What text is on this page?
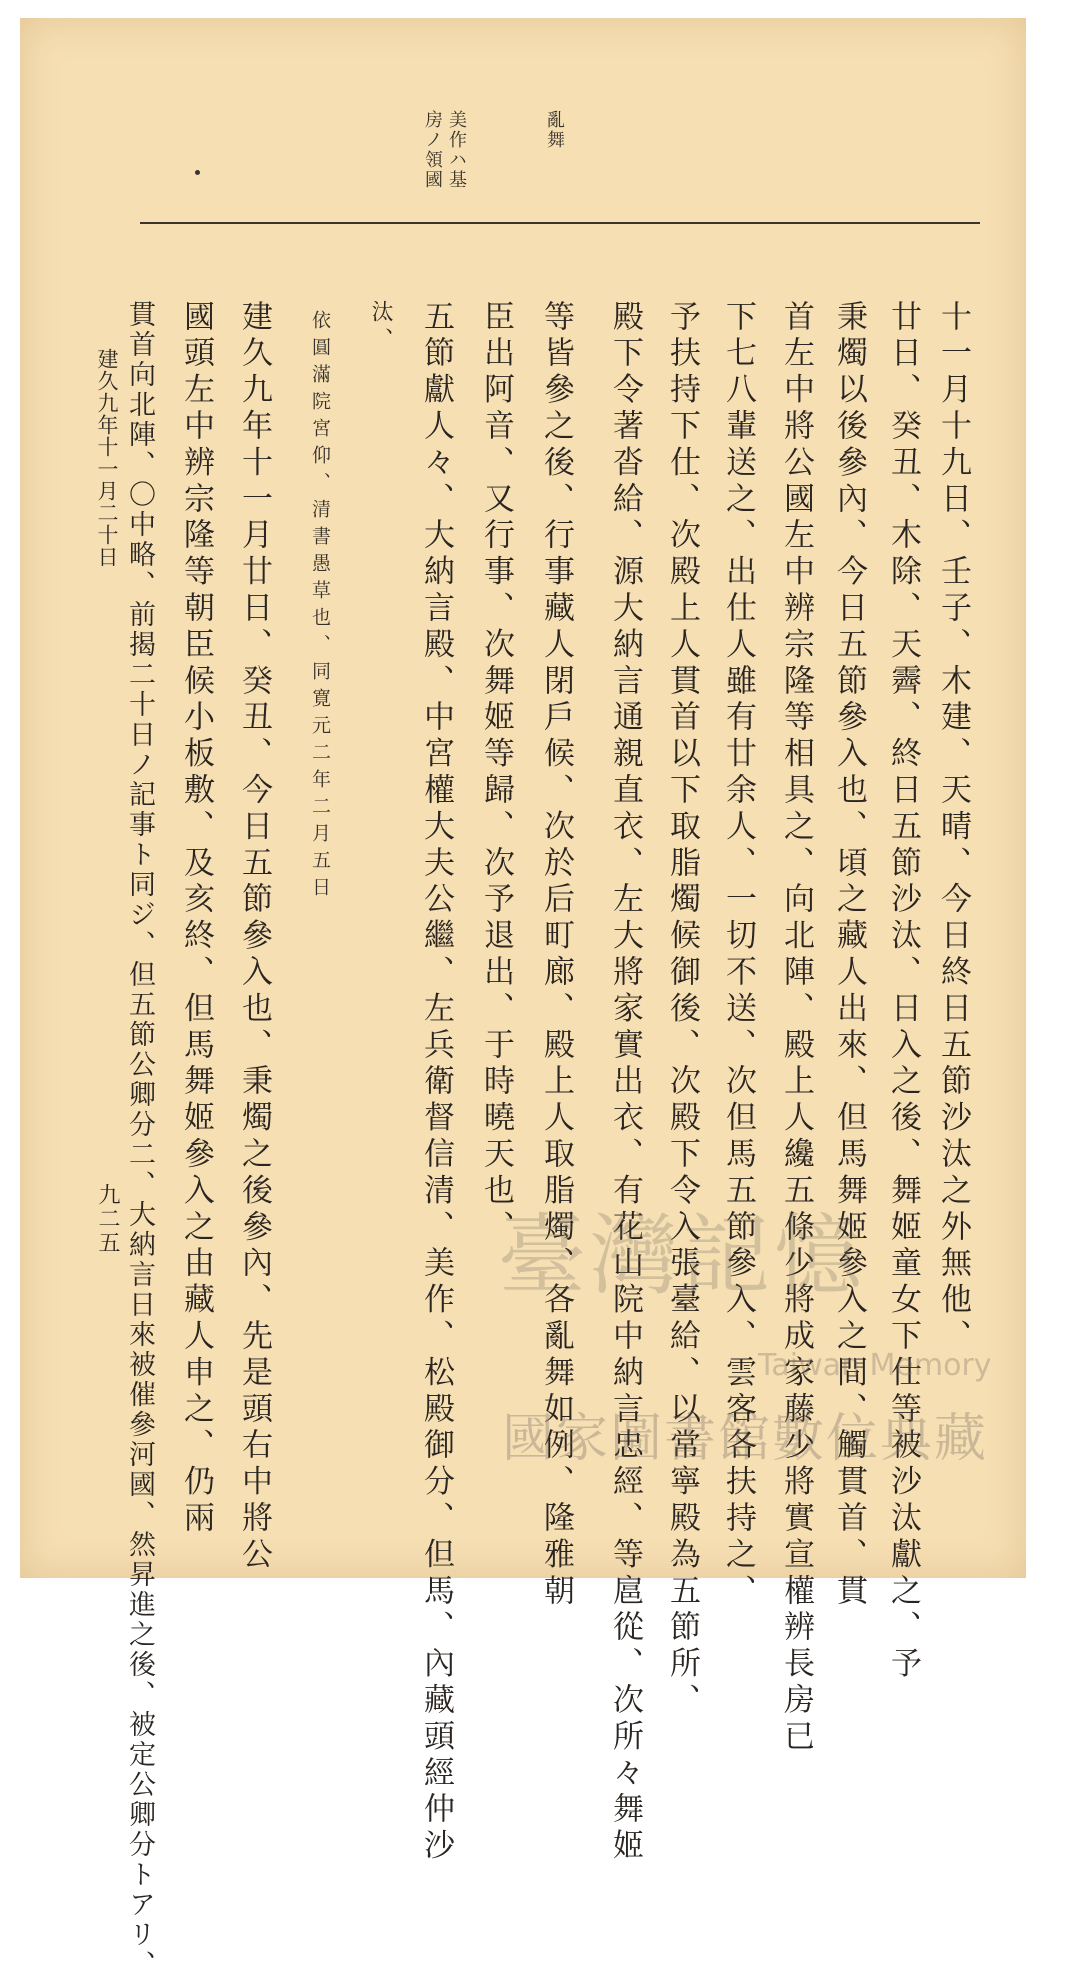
亂舞
美作ハ基
房ノ領國
十一月十九日、壬子、木建、天晴、今日終日五節沙汰之外無他、
廿日、癸丑、木除、天霽、終日五節沙汰、日入之後、舞姬童女下仕等被沙汰獻之、予
秉燭以後參內、今日五節參入也、頃之藏人出來、但馬舞姬參入之間、觸貫首、貫
首左中將公國左中辨宗隆等相具之、向北陣、殿上人纔五條少將成家藤少將實宣權辨長房已
下七八輩送之、出仕人雖有廿余人、一切不送、次但馬五節參入、雲客各扶持之、
予扶持下仕、次殿上人貫首以下取脂燭候御後、次殿下令入張臺給、以常寧殿為五節所、
殿下令著沓給、源大納言通親直衣、左大將家實出衣、有花山院中納言忠經、等扈從、次所々舞姬
等皆參之後、行事藏人閉戶候、次於后町廊、殿上人取脂燭、各亂舞如例、隆雅朝
臣出阿音、又行事、次舞姬等歸、次予退出、于時曉天也、
五節獻人々、大納言殿、中宮權大夫公繼、左兵衛督信清、美作、松殿御分、但馬、內藏頭經仲沙
汰、
依圓滿院宮仰、清書愚草也、同寛元二年二月五日
建久九年十一月廿日、癸丑、今日五節參入也、秉燭之後參內、先是頭右中將公
國頭左中辨宗隆等朝臣候小板敷、及亥終、但馬舞姬參入之由藏人申之、仍兩
貫首向北陣、〇中略、前揭二十日ノ記事ト同ジ、但五節公卿分二、大納言日來被催參河國、然昇進之後、被定公卿分トアリ、
建久九年十一月二十日
九二五	臺灣記憶
Taiwan Memory
國家圖書館數位典藏
